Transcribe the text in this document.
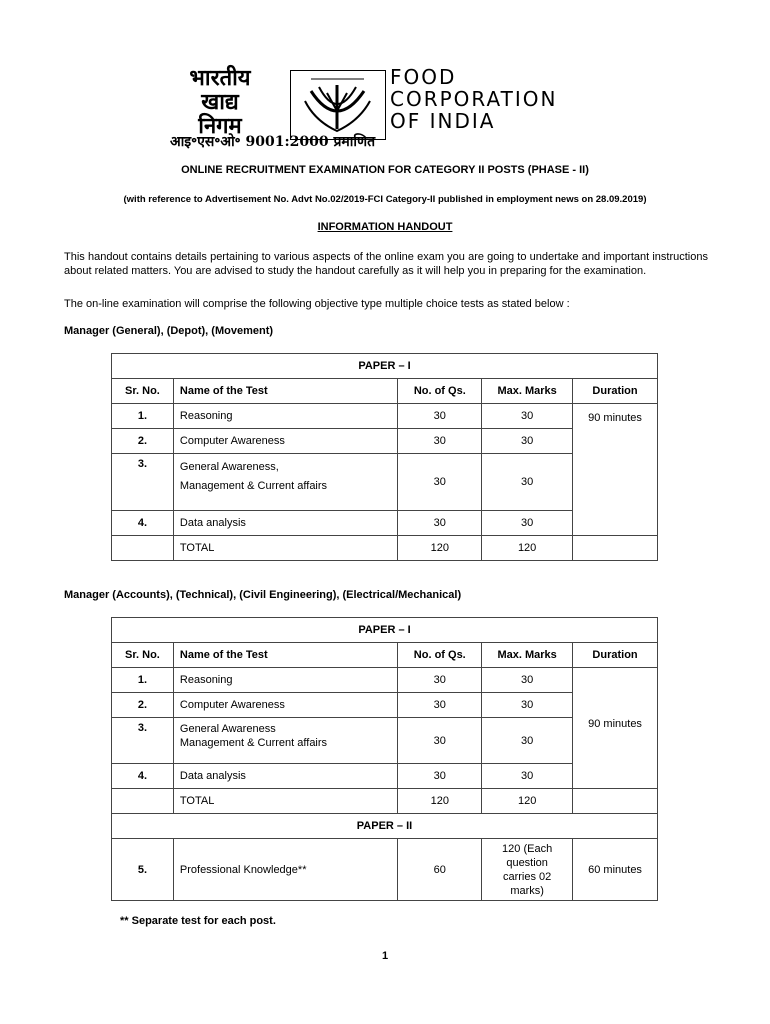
भारतीय
खाद्य
निगम
FOOD
CORPORATION
OF INDIA
आइ॰एस॰ओ॰ 9001:2000 प्रमाणित
ONLINE RECRUITMENT EXAMINATION FOR CATEGORY II POSTS (PHASE - II)
(with reference to Advertisement No. Advt No.02/2019-FCI Category-II published in employment news on 28.09.2019)
INFORMATION HANDOUT
This handout contains details pertaining to various aspects of the online exam you are going to undertake and important instructions about related matters. You are advised to study the handout carefully as it will help you in preparing for the examination.
The on-line examination will comprise the following objective type multiple choice tests as stated below :
Manager (General), (Depot), (Movement)
PAPER – I				
Sr. No.	Name of the Test	No. of Qs.	Max. Marks	Duration
1.	Reasoning	30	30	90 minutes
2.	Computer Awareness	30	30	
3.	General Awareness,
Management & Current affairs	30	30	
4.	Data analysis	30	30	
	TOTAL	120	120	
Manager (Accounts), (Technical), (Civil Engineering), (Electrical/Mechanical)
PAPER – I				
Sr. No.	Name of the Test	No. of Qs.	Max. Marks	Duration
1.	Reasoning	30	30	90 minutes
2.	Computer Awareness	30	30	
3.	General Awareness
Management & Current affairs	30	30	
4.	Data analysis	30	30	
	TOTAL	120	120	
PAPER – II				
5.	Professional Knowledge**	60	120 (Each question carries 02 marks)	60 minutes
** Separate test for each post.
1
